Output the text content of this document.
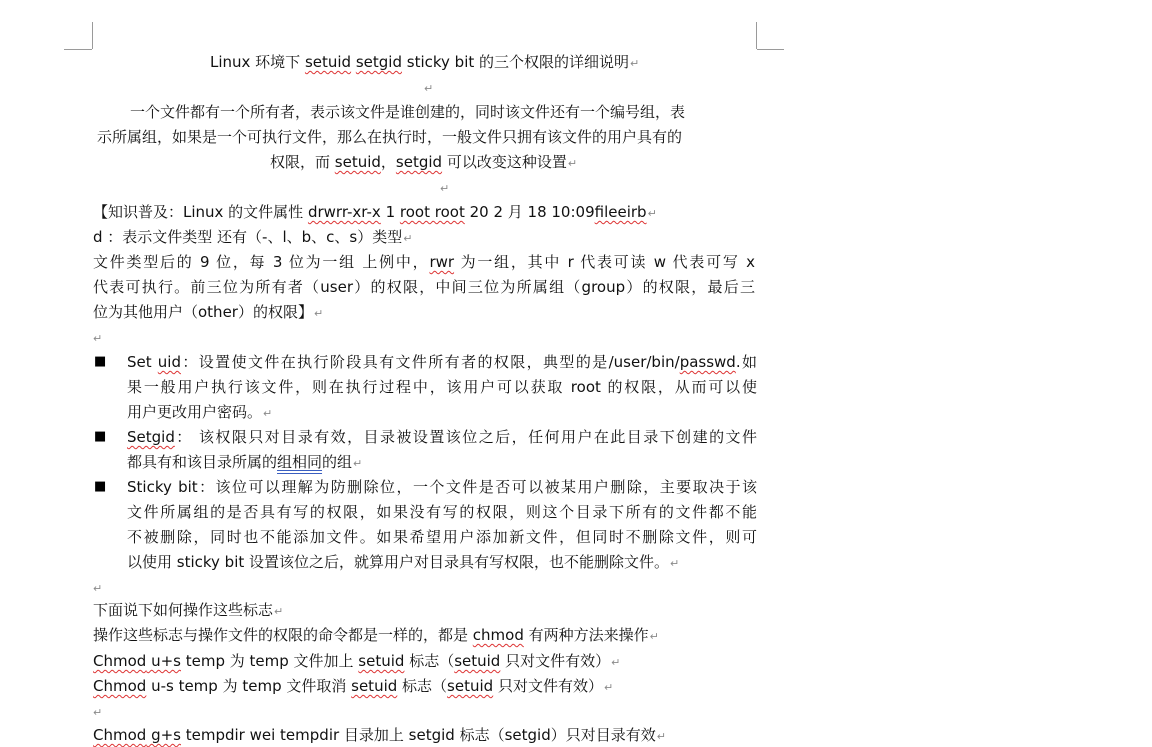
Linux 环境下 setuid setgid sticky bit 的三个权限的详细说明↵
↵
一个文件都有一个所有者，表示该文件是谁创建的，同时该文件还有一个编号组，表
示所属组，如果是一个可执行文件，那么在执行时，一般文件只拥有该文件的用户具有的
权限，而 setuid，setgid 可以改变这种设置↵
↵
【知识普及：Linux 的文件属性 drwrr-xr-x 1 root root 20 2 月 18 10:09fileeirb↵
d ：表示文件类型 还有（-、l、b、c、s）类型↵
文件类型后的 9 位，每 3 位为一组 上例中，rwr 为一组，其中 r 代表可读 w 代表可写 x
代表可执行。前三位为所有者（user）的权限，中间三位为所属组（group）的权限，最后三
位为其他用户（other）的权限】↵
↵
■ Set uid：设置使文件在执行阶段具有文件所有者的权限，典型的是/user/bin/passwd.如
果一般用户执行该文件，则在执行过程中，该用户可以获取 root 的权限，从而可以使
用户更改用户密码。↵
■ Setgid： 该权限只对目录有效，目录被设置该位之后，任何用户在此目录下创建的文件
都具有和该目录所属的组相同的组↵
■ Sticky bit：该位可以理解为防删除位，一个文件是否可以被某用户删除，主要取决于该
文件所属组的是否具有写的权限，如果没有写的权限，则这个目录下所有的文件都不能
不被删除，同时也不能添加文件。如果希望用户添加新文件，但同时不删除文件，则可
以使用 sticky bit 设置该位之后，就算用户对目录具有写权限，也不能删除文件。↵
↵
下面说下如何操作这些标志↵
操作这些标志与操作文件的权限的命令都是一样的，都是 chmod 有两种方法来操作↵
Chmod u+s temp 为 temp 文件加上 setuid 标志（setuid 只对文件有效）↵
Chmod u-s temp 为 temp 文件取消 setuid 标志（setuid 只对文件有效）↵
↵
Chmod g+s tempdir wei tempdir 目录加上 setgid 标志（setgid）只对目录有效↵
